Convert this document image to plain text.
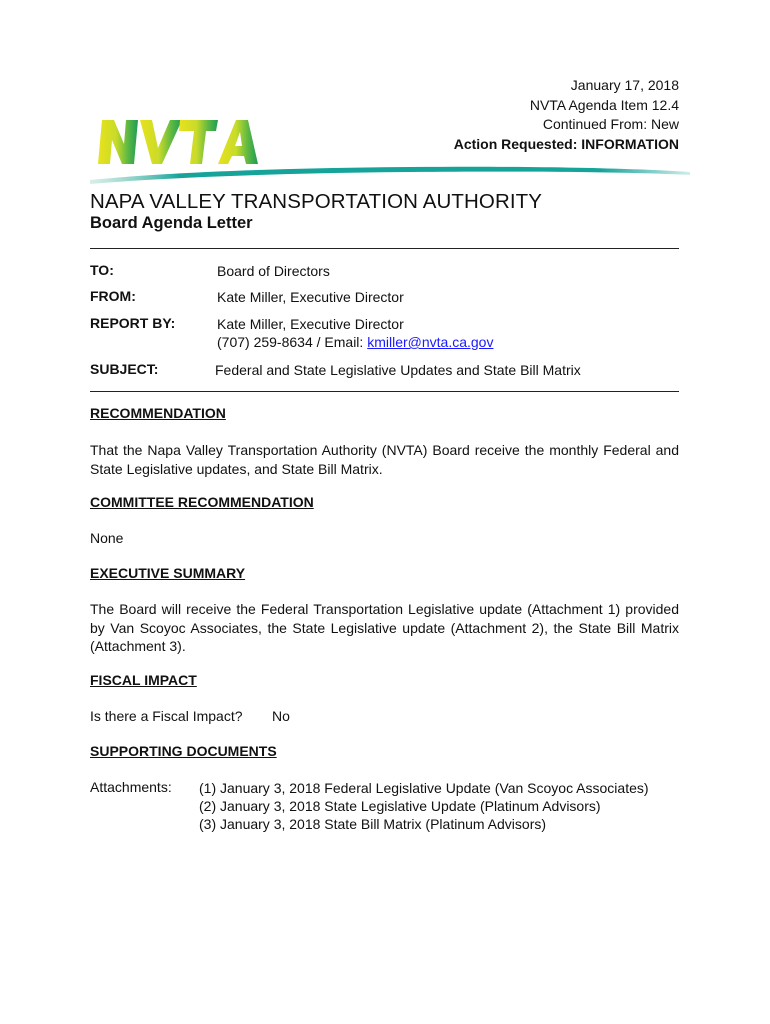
January 17, 2018
NVTA Agenda Item 12.4
Continued From: New
Action Requested: INFORMATION
NAPA VALLEY TRANSPORTATION AUTHORITY
Board Agenda Letter
TO:	Board of Directors
FROM:	Kate Miller, Executive Director
REPORT BY:	Kate Miller, Executive Director
(707) 259-8634 / Email: kmiller@nvta.ca.gov
SUBJECT:	Federal and State Legislative Updates and State Bill Matrix
RECOMMENDATION
That the Napa Valley Transportation Authority (NVTA) Board receive the monthly Federal and State Legislative updates, and State Bill Matrix.
COMMITTEE RECOMMENDATION
None
EXECUTIVE SUMMARY
The Board will receive the Federal Transportation Legislative update (Attachment 1) provided by Van Scoyoc Associates, the State Legislative update (Attachment 2), the State Bill Matrix (Attachment 3).
FISCAL IMPACT
Is there a Fiscal Impact? No
SUPPORTING DOCUMENTS
Attachments: (1) January 3, 2018 Federal Legislative Update (Van Scoyoc Associates)
(2) January 3, 2018 State Legislative Update (Platinum Advisors)
(3) January 3, 2018 State Bill Matrix (Platinum Advisors)
